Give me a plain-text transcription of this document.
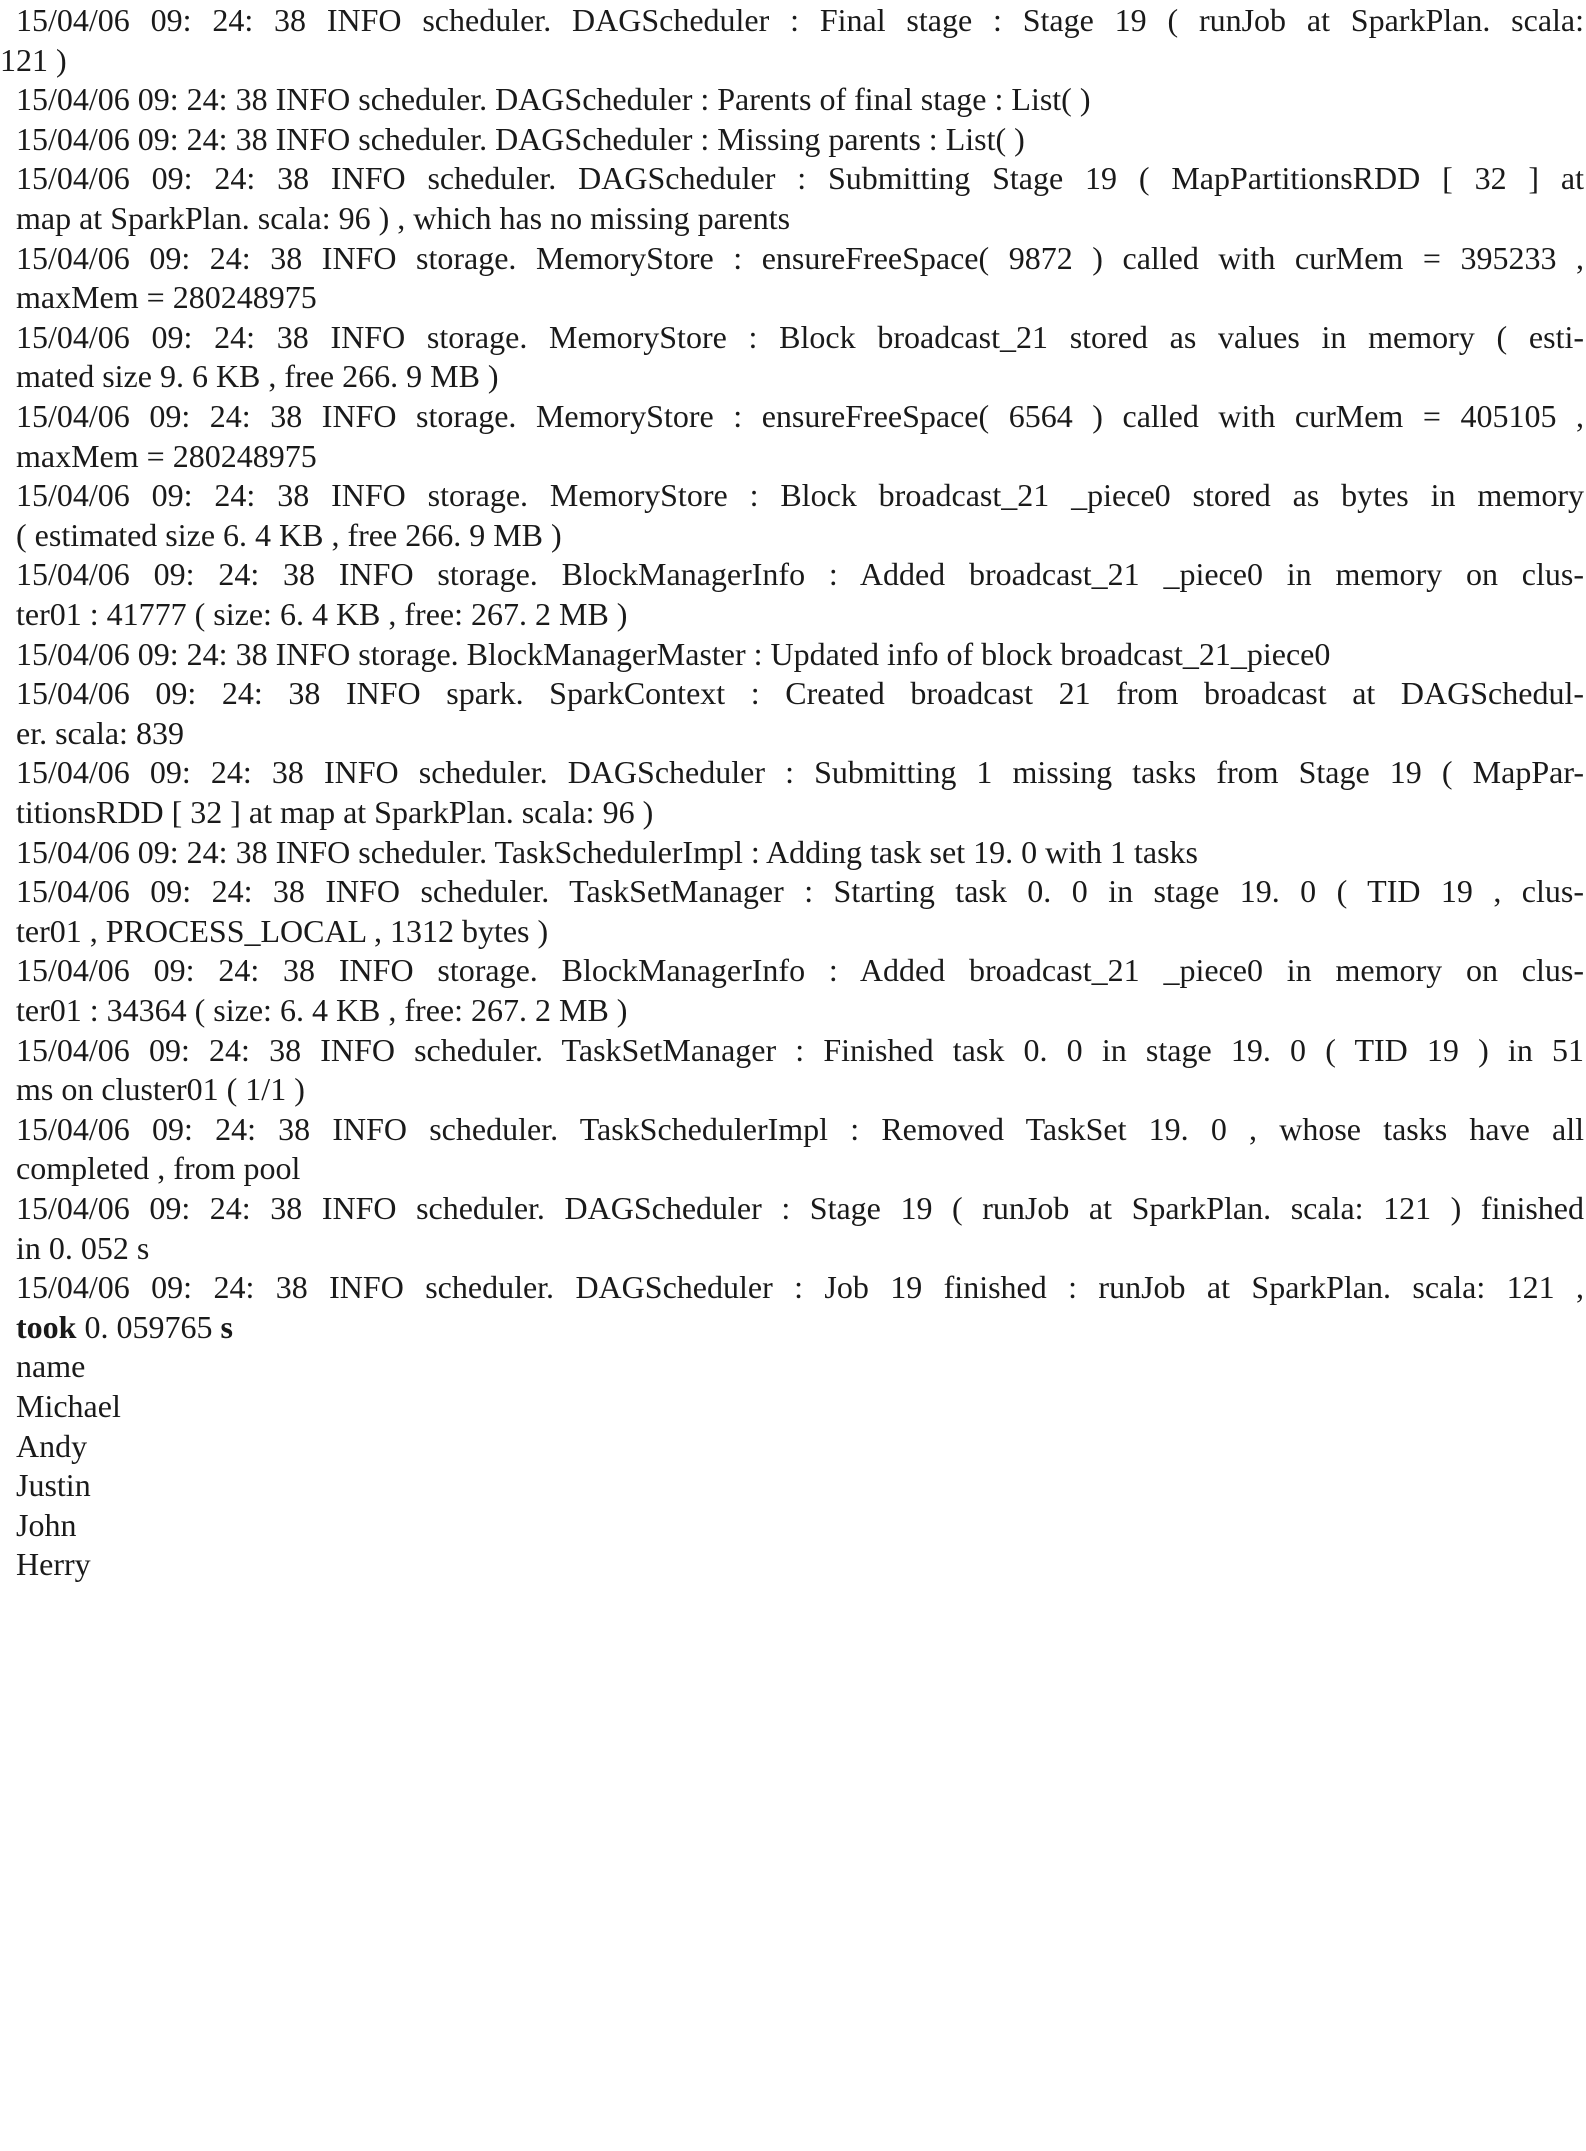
15/04/06 09: 24: 38 INFO scheduler. DAGScheduler : Final stage : Stage 19 ( runJob at SparkPlan. scala:
121 )
15/04/06 09: 24: 38 INFO scheduler. DAGScheduler : Parents of final stage : List( )
15/04/06 09: 24: 38 INFO scheduler. DAGScheduler : Missing parents : List( )
15/04/06 09: 24: 38 INFO scheduler. DAGScheduler : Submitting Stage 19 ( MapPartitionsRDD [ 32 ] at
map at SparkPlan. scala: 96 ) , which has no missing parents
15/04/06 09: 24: 38 INFO storage. MemoryStore : ensureFreeSpace( 9872 ) called with curMem = 395233 ,
maxMem = 280248975
15/04/06 09: 24: 38 INFO storage. MemoryStore : Block broadcast_21 stored as values in memory ( esti-
mated size 9. 6 KB , free 266. 9 MB )
15/04/06 09: 24: 38 INFO storage. MemoryStore : ensureFreeSpace( 6564 ) called with curMem = 405105 ,
maxMem = 280248975
15/04/06 09: 24: 38 INFO storage. MemoryStore : Block broadcast_21 _piece0 stored as bytes in memory
( estimated size 6. 4 KB , free 266. 9 MB )
15/04/06 09: 24: 38 INFO storage. BlockManagerInfo : Added broadcast_21 _piece0 in memory on clus-
ter01 : 41777 ( size: 6. 4 KB , free: 267. 2 MB )
15/04/06 09: 24: 38 INFO storage. BlockManagerMaster : Updated info of block broadcast_21_piece0
15/04/06 09: 24: 38 INFO spark. SparkContext : Created broadcast 21 from broadcast at DAGSchedul-
er. scala: 839
15/04/06 09: 24: 38 INFO scheduler. DAGScheduler : Submitting 1 missing tasks from Stage 19 ( MapPar-
titionsRDD [ 32 ] at map at SparkPlan. scala: 96 )
15/04/06 09: 24: 38 INFO scheduler. TaskSchedulerImpl : Adding task set 19. 0 with 1 tasks
15/04/06 09: 24: 38 INFO scheduler. TaskSetManager : Starting task 0. 0 in stage 19. 0 ( TID 19 , clus-
ter01 , PROCESS_LOCAL , 1312 bytes )
15/04/06 09: 24: 38 INFO storage. BlockManagerInfo : Added broadcast_21 _piece0 in memory on clus-
ter01 : 34364 ( size: 6. 4 KB , free: 267. 2 MB )
15/04/06 09: 24: 38 INFO scheduler. TaskSetManager : Finished task 0. 0 in stage 19. 0 ( TID 19 ) in 51
ms on cluster01 ( 1/1 )
15/04/06 09: 24: 38 INFO scheduler. TaskSchedulerImpl : Removed TaskSet 19. 0 , whose tasks have all
completed , from pool
15/04/06 09: 24: 38 INFO scheduler. DAGScheduler : Stage 19 ( runJob at SparkPlan. scala: 121 ) finished
in 0. 052 s
15/04/06 09: 24: 38 INFO scheduler. DAGScheduler : Job 19 finished : runJob at SparkPlan. scala: 121 ,
took 0. 059765 s
name
Michael
Andy
Justin
John
Herry
